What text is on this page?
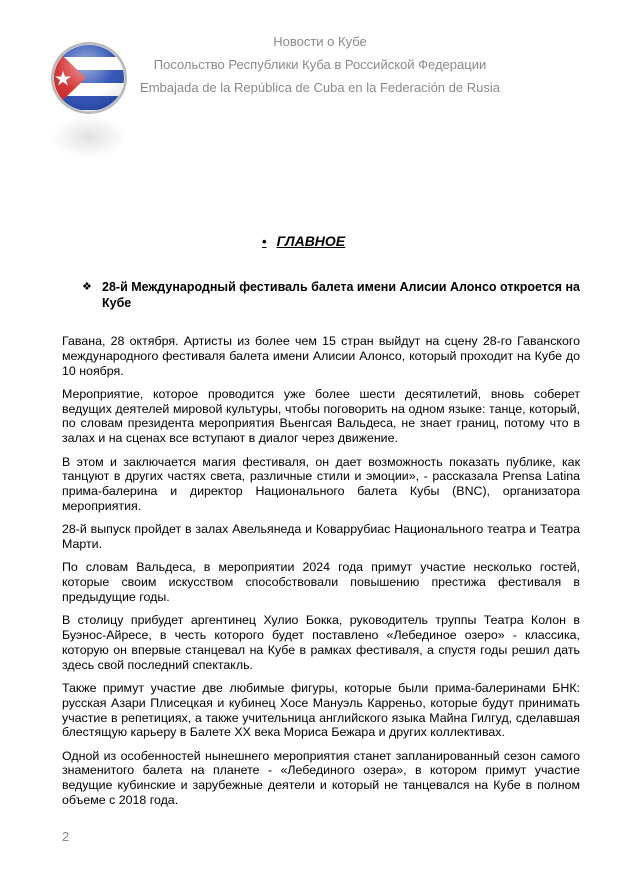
Новости о Кубе
Посольство Республики Куба в Российской Федерации
Embajada de la República de Cuba en la Federación de Rusia
• ГЛАВНОЕ
❖ 28-й Международный фестиваль балета имени Алисии Алонсо откроется на Кубе

Гавана, 28 октября. Артисты из более чем 15 стран выйдут на сцену 28-го Гаванского международного фестиваля балета имени Алисии Алонсо, который проходит на Кубе до 10 ноября.

Мероприятие, которое проводится уже более шести десятилетий, вновь соберет ведущих деятелей мировой культуры, чтобы поговорить на одном языке: танце, который, по словам президента мероприятия Вьенгсая Вальдеса, не знает границ, потому что в залах и на сценах все вступают в диалог через движение.

В этом и заключается магия фестиваля, он дает возможность показать публике, как танцуют в других частях света, различные стили и эмоции», - рассказала Prensa Latina прима-балерина и директор Национального балета Кубы (BNC), организатора мероприятия.

28-й выпуск пройдет в залах Авельянеда и Коваррубиас Национального театра и Театра Марти.

По словам Вальдеса, в мероприятии 2024 года примут участие несколько гостей, которые своим искусством способствовали повышению престижа фестиваля в предыдущие годы.

В столицу прибудет аргентинец Хулио Бокка, руководитель труппы Театра Колон в Буэнос-Айресе, в честь которого будет поставлено «Лебединое озеро» - классика, которую он впервые станцевал на Кубе в рамках фестиваля, а спустя годы решил дать здесь свой последний спектакль.

Также примут участие две любимые фигуры, которые были прима-балеринами БНК: русская Азари Плисецкая и кубинец Хосе Мануэль Карреньо, которые будут принимать участие в репетициях, а также учительница английского языка Майна Гилгуд, сделавшая блестящую карьеру в Балете XX века Мориса Бежара и других коллективах.

Одной из особенностей нынешнего мероприятия станет запланированный сезон самого знаменитого балета на планете - «Лебединого озера», в котором примут участие ведущие кубинские и зарубежные деятели и который не танцевался на Кубе в полном объеме с 2018 года.

2
